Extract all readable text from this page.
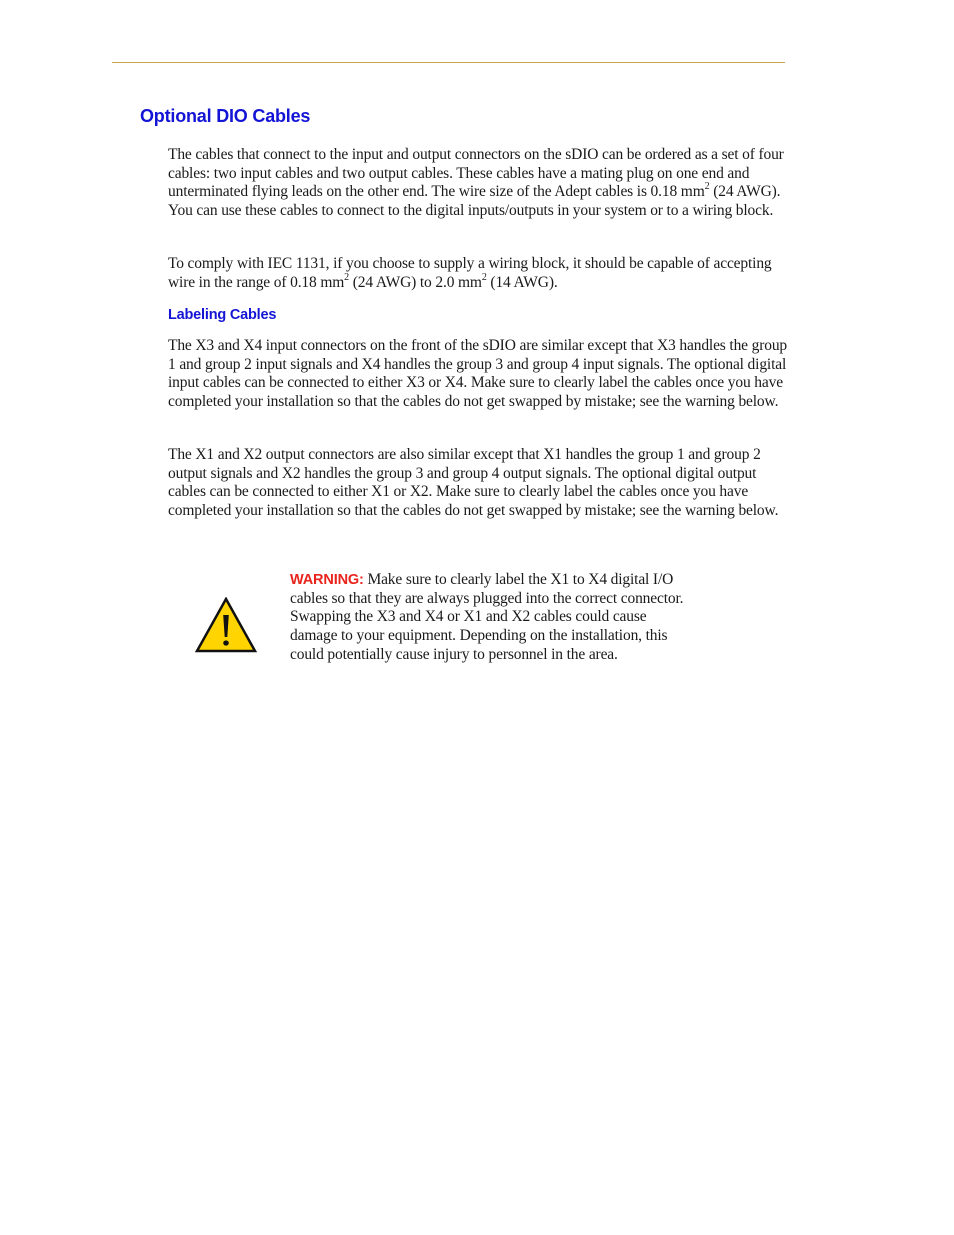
Optional DIO Cables

The cables that connect to the input and output connectors on the sDIO can be ordered as a set of four cables: two input cables and two output cables. These cables have a mating plug on one end and unterminated flying leads on the other end. The wire size of the Adept cables is 0.18 $mm^2$ (24 AWG). You can use these cables to connect to the digital inputs/outputs in your system or to a wiring block.

To comply with IEC 1131, if you choose to supply a wiring block, it should be capable of accepting wire in the range of 0.18 $mm^2$ (24 AWG) to 2.0 $mm^2$ (14 AWG).

Labeling Cables

The X3 and X4 input connectors on the front of the sDIO are similar except that X3 handles the group 1 and group 2 input signals and X4 handles the group 3 and group 4 input signals. The optional digital input cables can be connected to either X3 or X4. Make sure to clearly label the cables once you have completed your installation so that the cables do not get swapped by mistake; see the warning below.

The X1 and X2 output connectors are also similar except that X1 handles the group 1 and group 2 output signals and X2 handles the group 3 and group 4 output signals. The optional digital output cables can be connected to either X1 or X2. Make sure to clearly label the cables once you have completed your installation so that the cables do not get swapped by mistake; see the warning below.

WARNING: Make sure to clearly label the X1 to X4 digital I/O cables so that they are always plugged into the correct connector. Swapping the X3 and X4 or X1 and X2 cables could cause damage to your equipment. Depending on the installation, this could potentially cause injury to personnel in the area.
